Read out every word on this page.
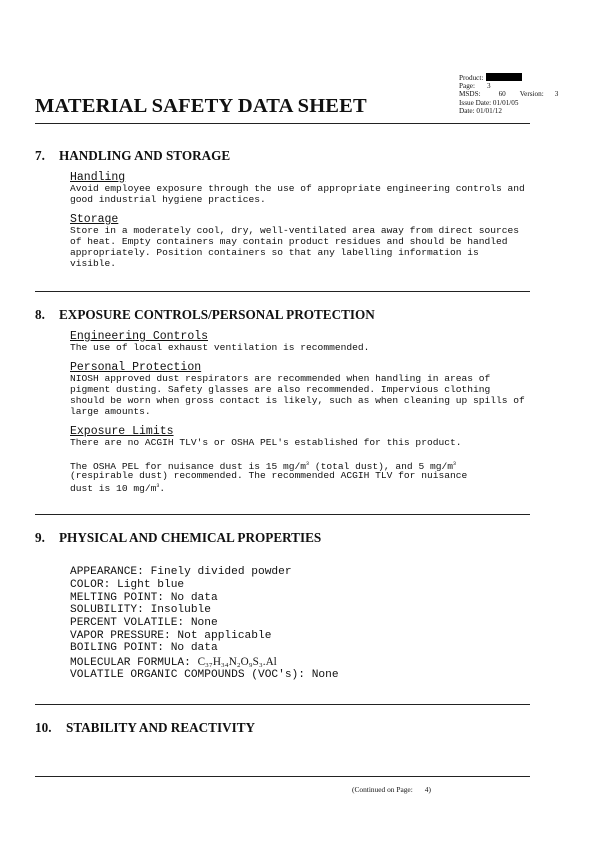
Product:
Page: 3
MSDS:	60 Version: 3
Issue Date: 01/01/05
Date: 01/01/12
MATERIAL SAFETY DATA SHEET
7. HANDLING AND STORAGE
Handling
Avoid employee exposure through the use of appropriate engineering controls and
good industrial hygiene practices.
Storage
Store in a moderately cool, dry, well-ventilated area away from direct sources
of heat. Empty containers may contain product residues and should be handled
appropriately. Position containers so that any labelling information is
visible.
8. EXPOSURE CONTROLS/PERSONAL PROTECTION
Engineering Controls
The use of local exhaust ventilation is recommended.
Personal Protection
NIOSH approved dust respirators are recommended when handling in areas of
pigment dusting. Safety glasses are also recommended. Impervious clothing
should be worn when gross contact is likely, such as when cleaning up spills of
large amounts.
Exposure Limits
There are no ACGIH TLV's or OSHA PEL's established for this product.
The OSHA PEL for nuisance dust is 15 $mg/m^3$ (total dust), and 5 $mg/m^3$
(respirable dust) recommended. The recommended ACGIH TLV for nuisance
dust is 10 $mg/m^3$.
9. PHYSICAL AND CHEMICAL PROPERTIES
APPEARANCE: Finely divided powder
COLOR: Light blue
MELTING POINT: No data
SOLUBILITY: Insoluble
PERCENT VOLATILE: None
VAPOR PRESSURE: Not applicable
BOILING POINT: No data
MOLECULAR FORMULA: C₃₇H₃₄N₂O₉S₃.Al
VOLATILE ORGANIC COMPOUNDS (VOC's): None
10. STABILITY AND REACTIVITY
(Continued on Page: 4)
